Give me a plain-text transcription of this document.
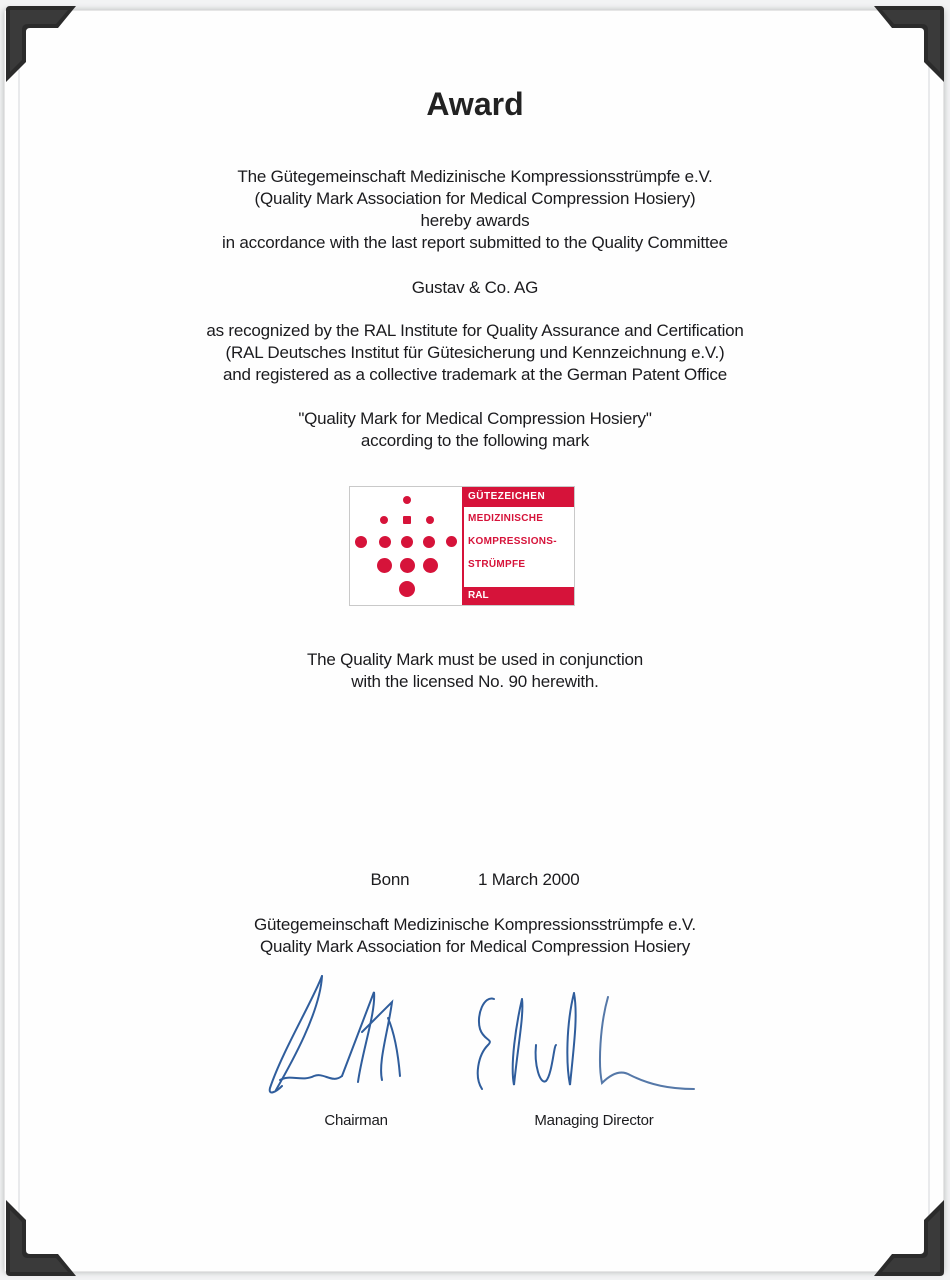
Award
The Gütegemeinschaft Medizinische Kompressionsstrümpfe e.V.
(Quality Mark Association for Medical Compression Hosiery)
hereby awards
in accordance with the last report submitted to the Quality Committee
Gustav & Co. AG
as recognized by the RAL Institute for Quality Assurance and Certification
(RAL Deutsches Institut für Gütesicherung und Kennzeichnung e.V.)
and registered as a collective trademark at the German Patent Office
"Quality Mark for Medical Compression Hosiery"
according to the following mark
GÜTEZEICHEN
MEDIZINISCHE
KOMPRESSIONS-
STRÜMPFE
RAL
The Quality Mark must be used in conjunction
with the licensed No. 90 herewith.
Bonn	1 March 2000
Gütegemeinschaft Medizinische Kompressionsstrümpfe e.V.
Quality Mark Association for Medical Compression Hosiery
Chairman	Managing Director
